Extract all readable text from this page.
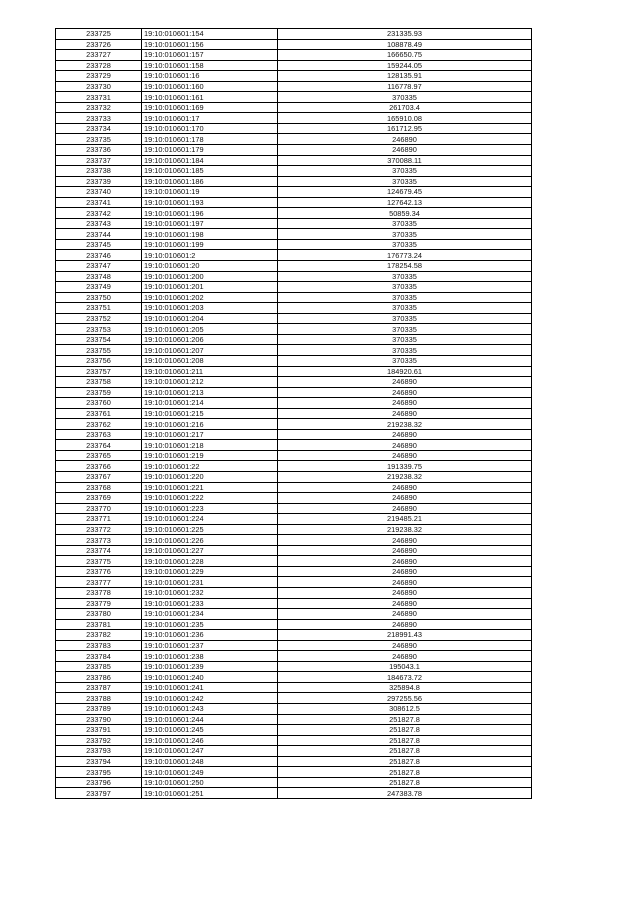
233725	19:10:010601:154	231335.93
233726	19:10:010601:156	108878.49
233727	19:10:010601:157	166650.75
233728	19:10:010601:158	159244.05
233729	19:10:010601:16	128135.91
233730	19:10:010601:160	116778.97
233731	19:10:010601:161	370335
233732	19:10:010601:169	261703.4
233733	19:10:010601:17	165910.08
233734	19:10:010601:170	161712.95
233735	19:10:010601:178	246890
233736	19:10:010601:179	246890
233737	19:10:010601:184	370088.11
233738	19:10:010601:185	370335
233739	19:10:010601:186	370335
233740	19:10:010601:19	124679.45
233741	19:10:010601:193	127642.13
233742	19:10:010601:196	50859.34
233743	19:10:010601:197	370335
233744	19:10:010601:198	370335
233745	19:10:010601:199	370335
233746	19:10:010601:2	176773.24
233747	19:10:010601:20	178254.58
233748	19:10:010601:200	370335
233749	19:10:010601:201	370335
233750	19:10:010601:202	370335
233751	19:10:010601:203	370335
233752	19:10:010601:204	370335
233753	19:10:010601:205	370335
233754	19:10:010601:206	370335
233755	19:10:010601:207	370335
233756	19:10:010601:208	370335
233757	19:10:010601:211	184920.61
233758	19:10:010601:212	246890
233759	19:10:010601:213	246890
233760	19:10:010601:214	246890
233761	19:10:010601:215	246890
233762	19:10:010601:216	219238.32
233763	19:10:010601:217	246890
233764	19:10:010601:218	246890
233765	19:10:010601:219	246890
233766	19:10:010601:22	191339.75
233767	19:10:010601:220	219238.32
233768	19:10:010601:221	246890
233769	19:10:010601:222	246890
233770	19:10:010601:223	246890
233771	19:10:010601:224	219485.21
233772	19:10:010601:225	219238.32
233773	19:10:010601:226	246890
233774	19:10:010601:227	246890
233775	19:10:010601:228	246890
233776	19:10:010601:229	246890
233777	19:10:010601:231	246890
233778	19:10:010601:232	246890
233779	19:10:010601:233	246890
233780	19:10:010601:234	246890
233781	19:10:010601:235	246890
233782	19:10:010601:236	218991.43
233783	19:10:010601:237	246890
233784	19:10:010601:238	246890
233785	19:10:010601:239	195043.1
233786	19:10:010601:240	184673.72
233787	19:10:010601:241	325894.8
233788	19:10:010601:242	297255.56
233789	19:10:010601:243	308612.5
233790	19:10:010601:244	251827.8
233791	19:10:010601:245	251827.8
233792	19:10:010601:246	251827.8
233793	19:10:010601:247	251827.8
233794	19:10:010601:248	251827.8
233795	19:10:010601:249	251827.8
233796	19:10:010601:250	251827.8
233797	19:10:010601:251	247383.78
